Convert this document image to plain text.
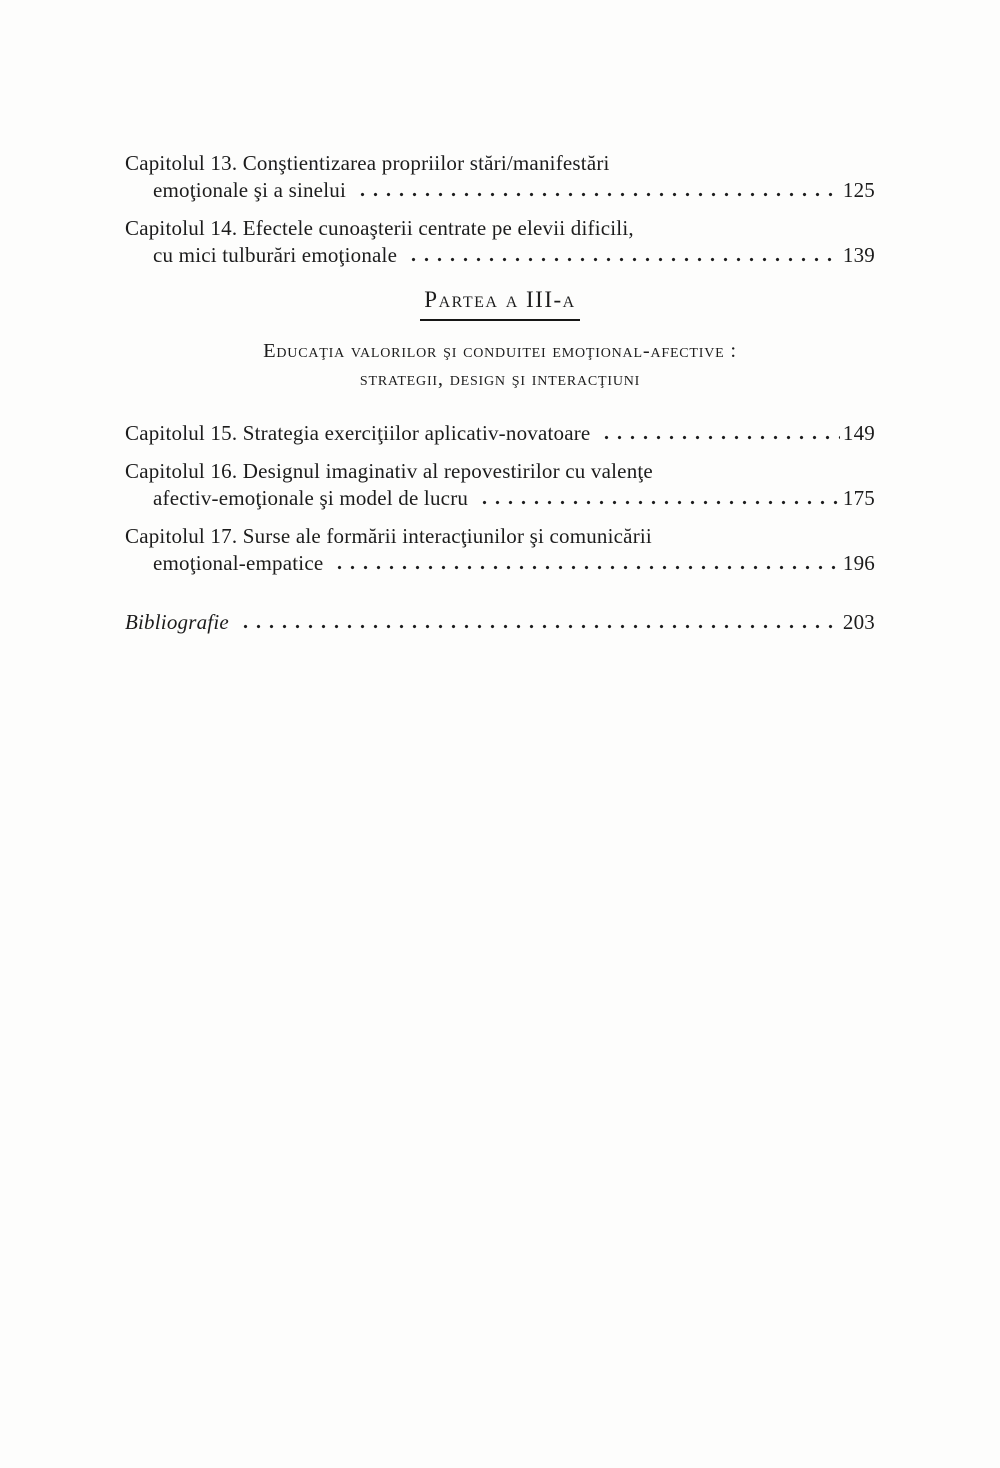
Capitolul 13. Conştientizarea propriilor stări/manifestări
emoţionale şi a sinelui	125
Capitolul 14. Efectele cunoaşterii centrate pe elevii dificili,
cu mici tulburări emoţionale	139
Partea a III-a
Educaţia valorilor şi conduitei emoţional-afective :
strategii, design şi interacţiuni
Capitolul 15. Strategia exerciţiilor aplicativ-novatoare	149
Capitolul 16. Designul imaginativ al repovestirilor cu valenţe
afectiv-emoţionale şi model de lucru	175
Capitolul 17. Surse ale formării interacţiunilor şi comunicării
emoţional-empatice	196
Bibliografie	203
